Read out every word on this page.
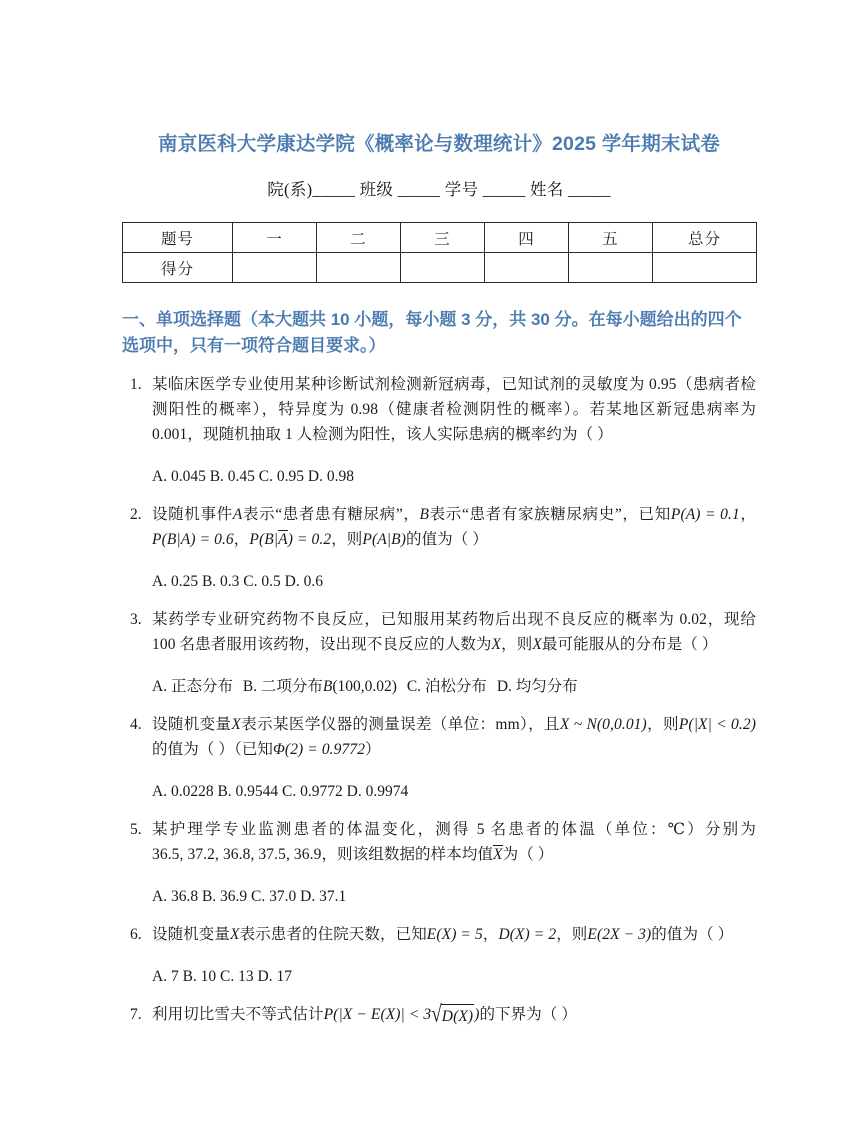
南京医科大学康达学院《概率论与数理统计》2025 学年期末试卷
院(系)_____ 班级 _____ 学号 _____ 姓名 _____
题号	一	二	三	四	五	总分
得分						
一、单项选择题（本大题共 10 小题，每小题 3 分，共 30 分。在每小题给出的四个选项中，只有一项符合题目要求。）
1. 某临床医学专业使用某种诊断试剂检测新冠病毒，已知试剂的灵敏度为 0.95（患病者检测阳性的概率），特异度为 0.98（健康者检测阴性的概率）。若某地区新冠患病率为 0.001，现随机抽取 1 人检测为阳性，该人实际患病的概率约为（ ）
A. 0.045 B. 0.45 C. 0.95 D. 0.98
2. 设随机事件A表示“患者患有糖尿病”，B表示“患者有家族糖尿病史”，已知P(A) = 0.1，P(B|A) = 0.6，P(B|A) = 0.2，则P(A|B)的值为（ ）
A. 0.25 B. 0.3 C. 0.5 D. 0.6
3. 某药学专业研究药物不良反应，已知服用某药物后出现不良反应的概率为 0.02，现给 100 名患者服用该药物，设出现不良反应的人数为X，则X最可能服从的分布是（ ）
A. 正态分布 B. 二项分布B(100,0.02) C. 泊松分布 D. 均匀分布
4. 设随机变量X表示某医学仪器的测量误差（单位：mm），且X ~ N(0,0.01)，则P(|X| < 0.2)的值为（ ）（已知Φ(2) = 0.9772）
A. 0.0228 B. 0.9544 C. 0.9772 D. 0.9974
5. 某护理学专业监测患者的体温变化，测得 5 名患者的体温（单位：℃）分别为 36.5, 37.2, 36.8, 37.5, 36.9，则该组数据的样本均值X为（ ）
A. 36.8 B. 36.9 C. 37.0 D. 37.1
6. 设随机变量X表示患者的住院天数，已知E(X) = 5，D(X) = 2，则E(2X − 3)的值为（ ）
A. 7 B. 10 C. 13 D. 17
7. 利用切比雪夫不等式估计P(|X − E(X)| < 3 √ D(X) )的下界为（ ）
